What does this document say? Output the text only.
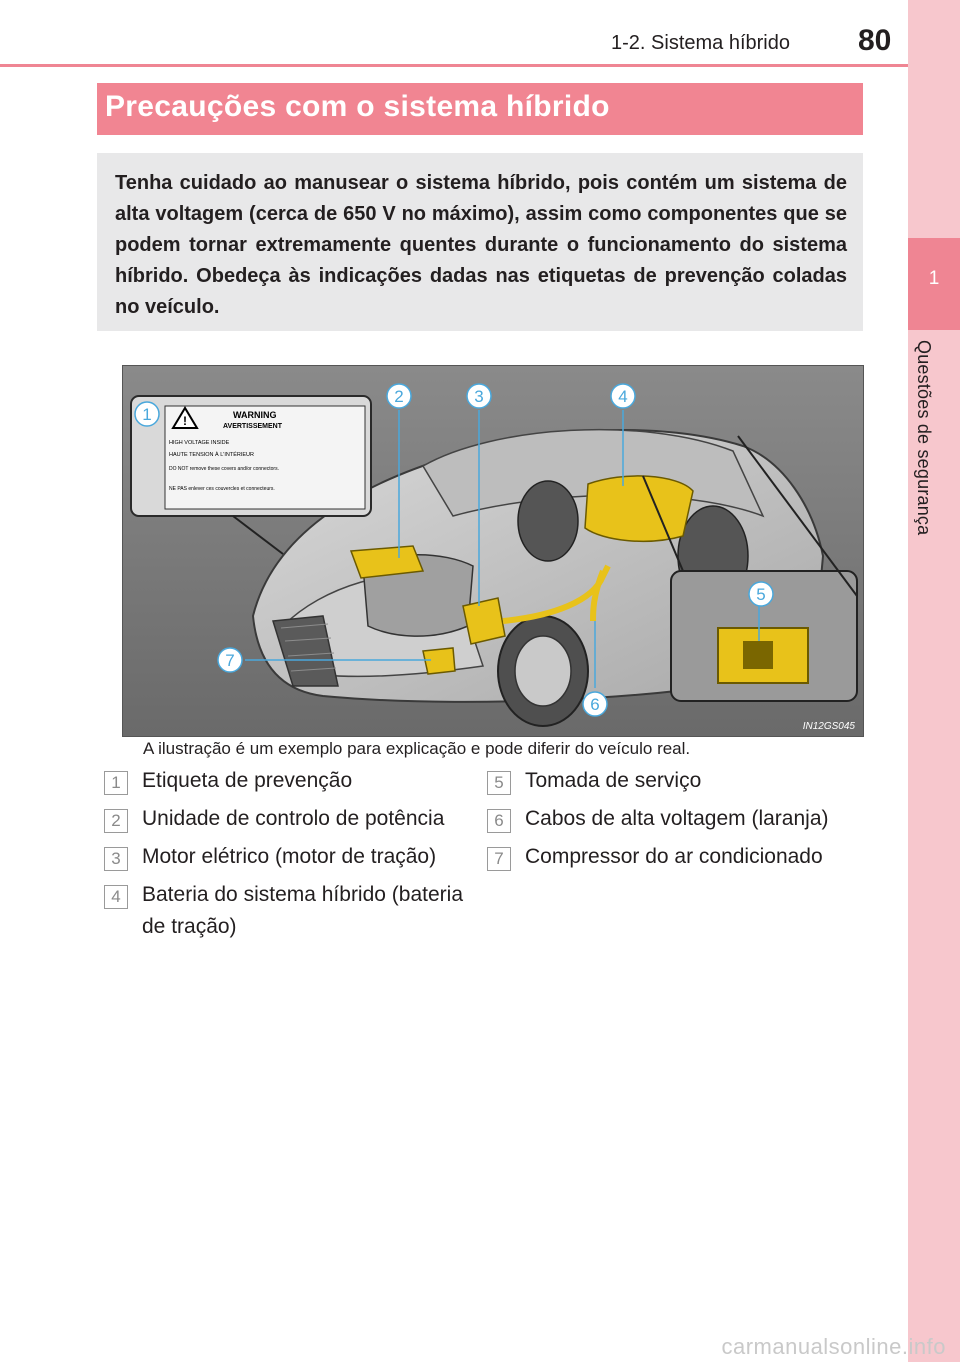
1
Questões de segurança
1-2. Sistema híbrido 80
Precauções com o sistema híbrido
Tenha cuidado ao manusear o sistema híbrido, pois contém um sistema de alta voltagem (cerca de 650 V no máximo), assim como componentes que se podem tornar extremamente quentes durante o funcionamento do sistema híbrido. Obedeça às indicações dadas nas etiquetas de prevenção coladas no veículo.
!	WARNING
AVERTISSEMENT
HIGH VOLTAGE INSIDE
HAUTE TENSION À L'INTÉRIEUR
DO NOT remove these covers and/or connectors.
NE PAS enlever ces couvercles et connecteurs.
1
2	3	4
5
6
7
IN12GS045
A ilustração é um exemplo para explicação e pode diferir do veículo real.
1	Etiqueta de prevenção
2	Unidade de controlo de potência
3	Motor elétrico (motor de tração)
4	Bateria do sistema híbrido (bateria de tração)
5	Tomada de serviço
6	Cabos de alta voltagem (laranja)
7	Compressor do ar condicionado
carmanualsonline.info
